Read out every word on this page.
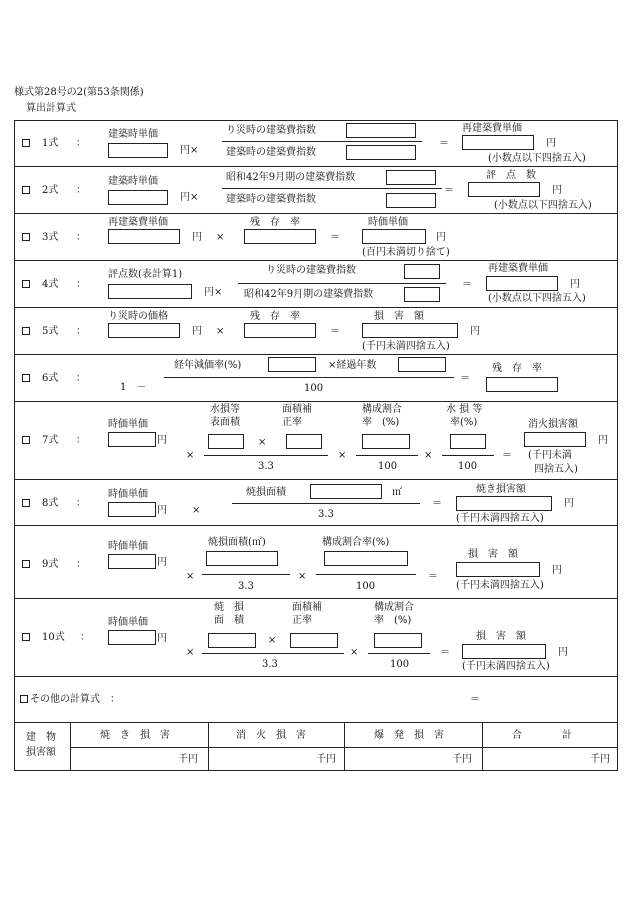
様式第28号の2(第53条関係)
算出計算式
1式 ：
建築時単価
円×
り災時の建築費指数
建築時の建築費指数
＝
再建築費単価
円
(小数点以下四捨五入)
2式 ：
建築時単価
円×
昭和42年9月期の建築費指数
建築時の建築費指数
＝
評　点　数
円
(小数点以下四捨五入)
3式 ：
再建築費単価
円 ×
残　存　率
＝
時価単価
円
(百円未満切り捨て)
4式 ：
評点数(表計算1)
円×
り災時の建築費指数
昭和42年9月期の建築費指数
＝
再建築費単価
円
(小数点以下四捨五入)
5式 ：
り災時の価格
円 ×
残　存　率
＝
損　害　額
円
(千円未満四捨五入)
6式 ：
経年減価率(%)	×経過年数
1　－	100
＝
残　存　率
7式 ：
時価単価
円
×
水損等
表面積
×
面積補
正率
3.3
×
構成割合
率　(%)
100
×
水 損 等
率(%)
100
＝
消火損害額
円
(千円未満
四捨五入)
8式 ：
時価単価
円	×
焼損面積	㎡
3.3
＝
焼き損害額
円
(千円未満四捨五入)
9式 ：
時価単価
円
×
焼損面積(㎡)
3.3
×
構成割合率(%)
100
＝
損　害　額
円
(千円未満四捨五入)
10式 ：
時価単価
円
×
焼　損
面　積
×
面積補
正率
3.3
×
構成割合
率　(%)
100
＝
損　害　額
円
(千円未満四捨五入)
その他の計算式　：	＝
建　物
損害額
焼　き　損　害	消　火　損　害	爆　発　損　害	合　　　　計
千円	千円	千円	千円
